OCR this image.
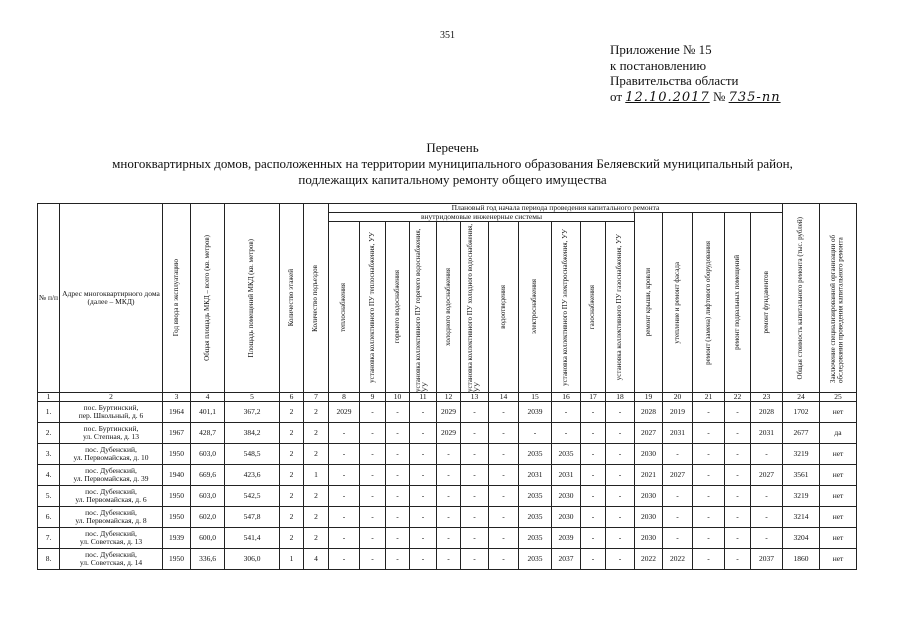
351
Приложение № 15
к постановлению
Правительства области
от 12.10.2017 № 735-пп
Перечень
многоквартирных домов, расположенных на территории муниципального образования Беляевский муниципальный район,
подлежащих капитальному ремонту общего имущества
№ п/п	Адрес многоквартирного дома (далее – МКД)	Год ввода в эксплуатацию	Общая площадь МКД – всего (кв. метров)	Площадь помещений МКД (кв. метров)	Количество этажей	Количество подъездов	Плановый год начала периода проведения капитального ремонта																Общая стоимость капитального ремонта (тыс. рублей)	Заключение специализированной организации об обследовании проведения капитального ремонта

							внутридомовые инженерные системы											ремонт крыши, кровли	утепление и ремонт фасада	ремонт (замена) лифтового оборудования	ремонт подвальных помещений	ремонт фундаментов		

							теплоснабжения	установка коллективного ПУ теплоснабжения, УУ	горячего водоснабжения	установка коллективного ПУ горячего водоснабжения, УУ	холодного водоснабжения	установка коллективного ПУ холодного водоснабжения, УУ	водоотведения	электроснабжения	установка коллективного ПУ электроснабжения, УУ	газоснабжения	установка коллективного ПУ газоснабжения, УУ							

1	2	3	4	5	6	7	8	9	10	11	12	13	14	15	16	17	18	19	20	21	22	23	24	25
1.	пос. Буртинский,
пер. Школьный, д. 6	1964	401,1	367,2	2	2	2029	-	-	-	2029	-	-	2039	-	-	-	2028	2019	-	-	2028	1702	нет
2.	пос. Буртинский,
ул. Степная, д. 13	1967	428,7	384,2	2	2	-	-	-	-	2029	-	-	-	-	-	-	2027	2031	-	-	2031	2677	да
3.	пос. Дубенский,
ул. Первомайская, д. 10	1950	603,0	548,5	2	2	-	-	-	-	-	-	-	2035	2035	-	-	2030	-	-	-	-	3219	нет
4.	пос. Дубенский,
ул. Первомайская, д. 39	1940	669,6	423,6	2	1	-	-	-	-	-	-	-	2031	2031	-	-	2021	2027	-	-	2027	3561	нет
5.	пос. Дубенский,
ул. Первомайская, д. 6	1950	603,0	542,5	2	2	-	-	-	-	-	-	-	2035	2030	-	-	2030	-	-	-	-	3219	нет
6.	пос. Дубенский,
ул. Первомайская, д. 8	1950	602,0	547,8	2	2	-	-	-	-	-	-	-	2035	2030	-	-	2030	-	-	-	-	3214	нет
7.	пос. Дубенский,
ул. Советская, д. 13	1939	600,0	541,4	2	2	-	-	-	-	-	-	-	2035	2039	-	-	2030	-	-	-	-	3204	нет
8.	пос. Дубенский,
ул. Советская, д. 14	1950	336,6	306,0	1	4	-	-	-	-	-	-	-	2035	2037	-	-	2022	2022	-	-	2037	1860	нет
